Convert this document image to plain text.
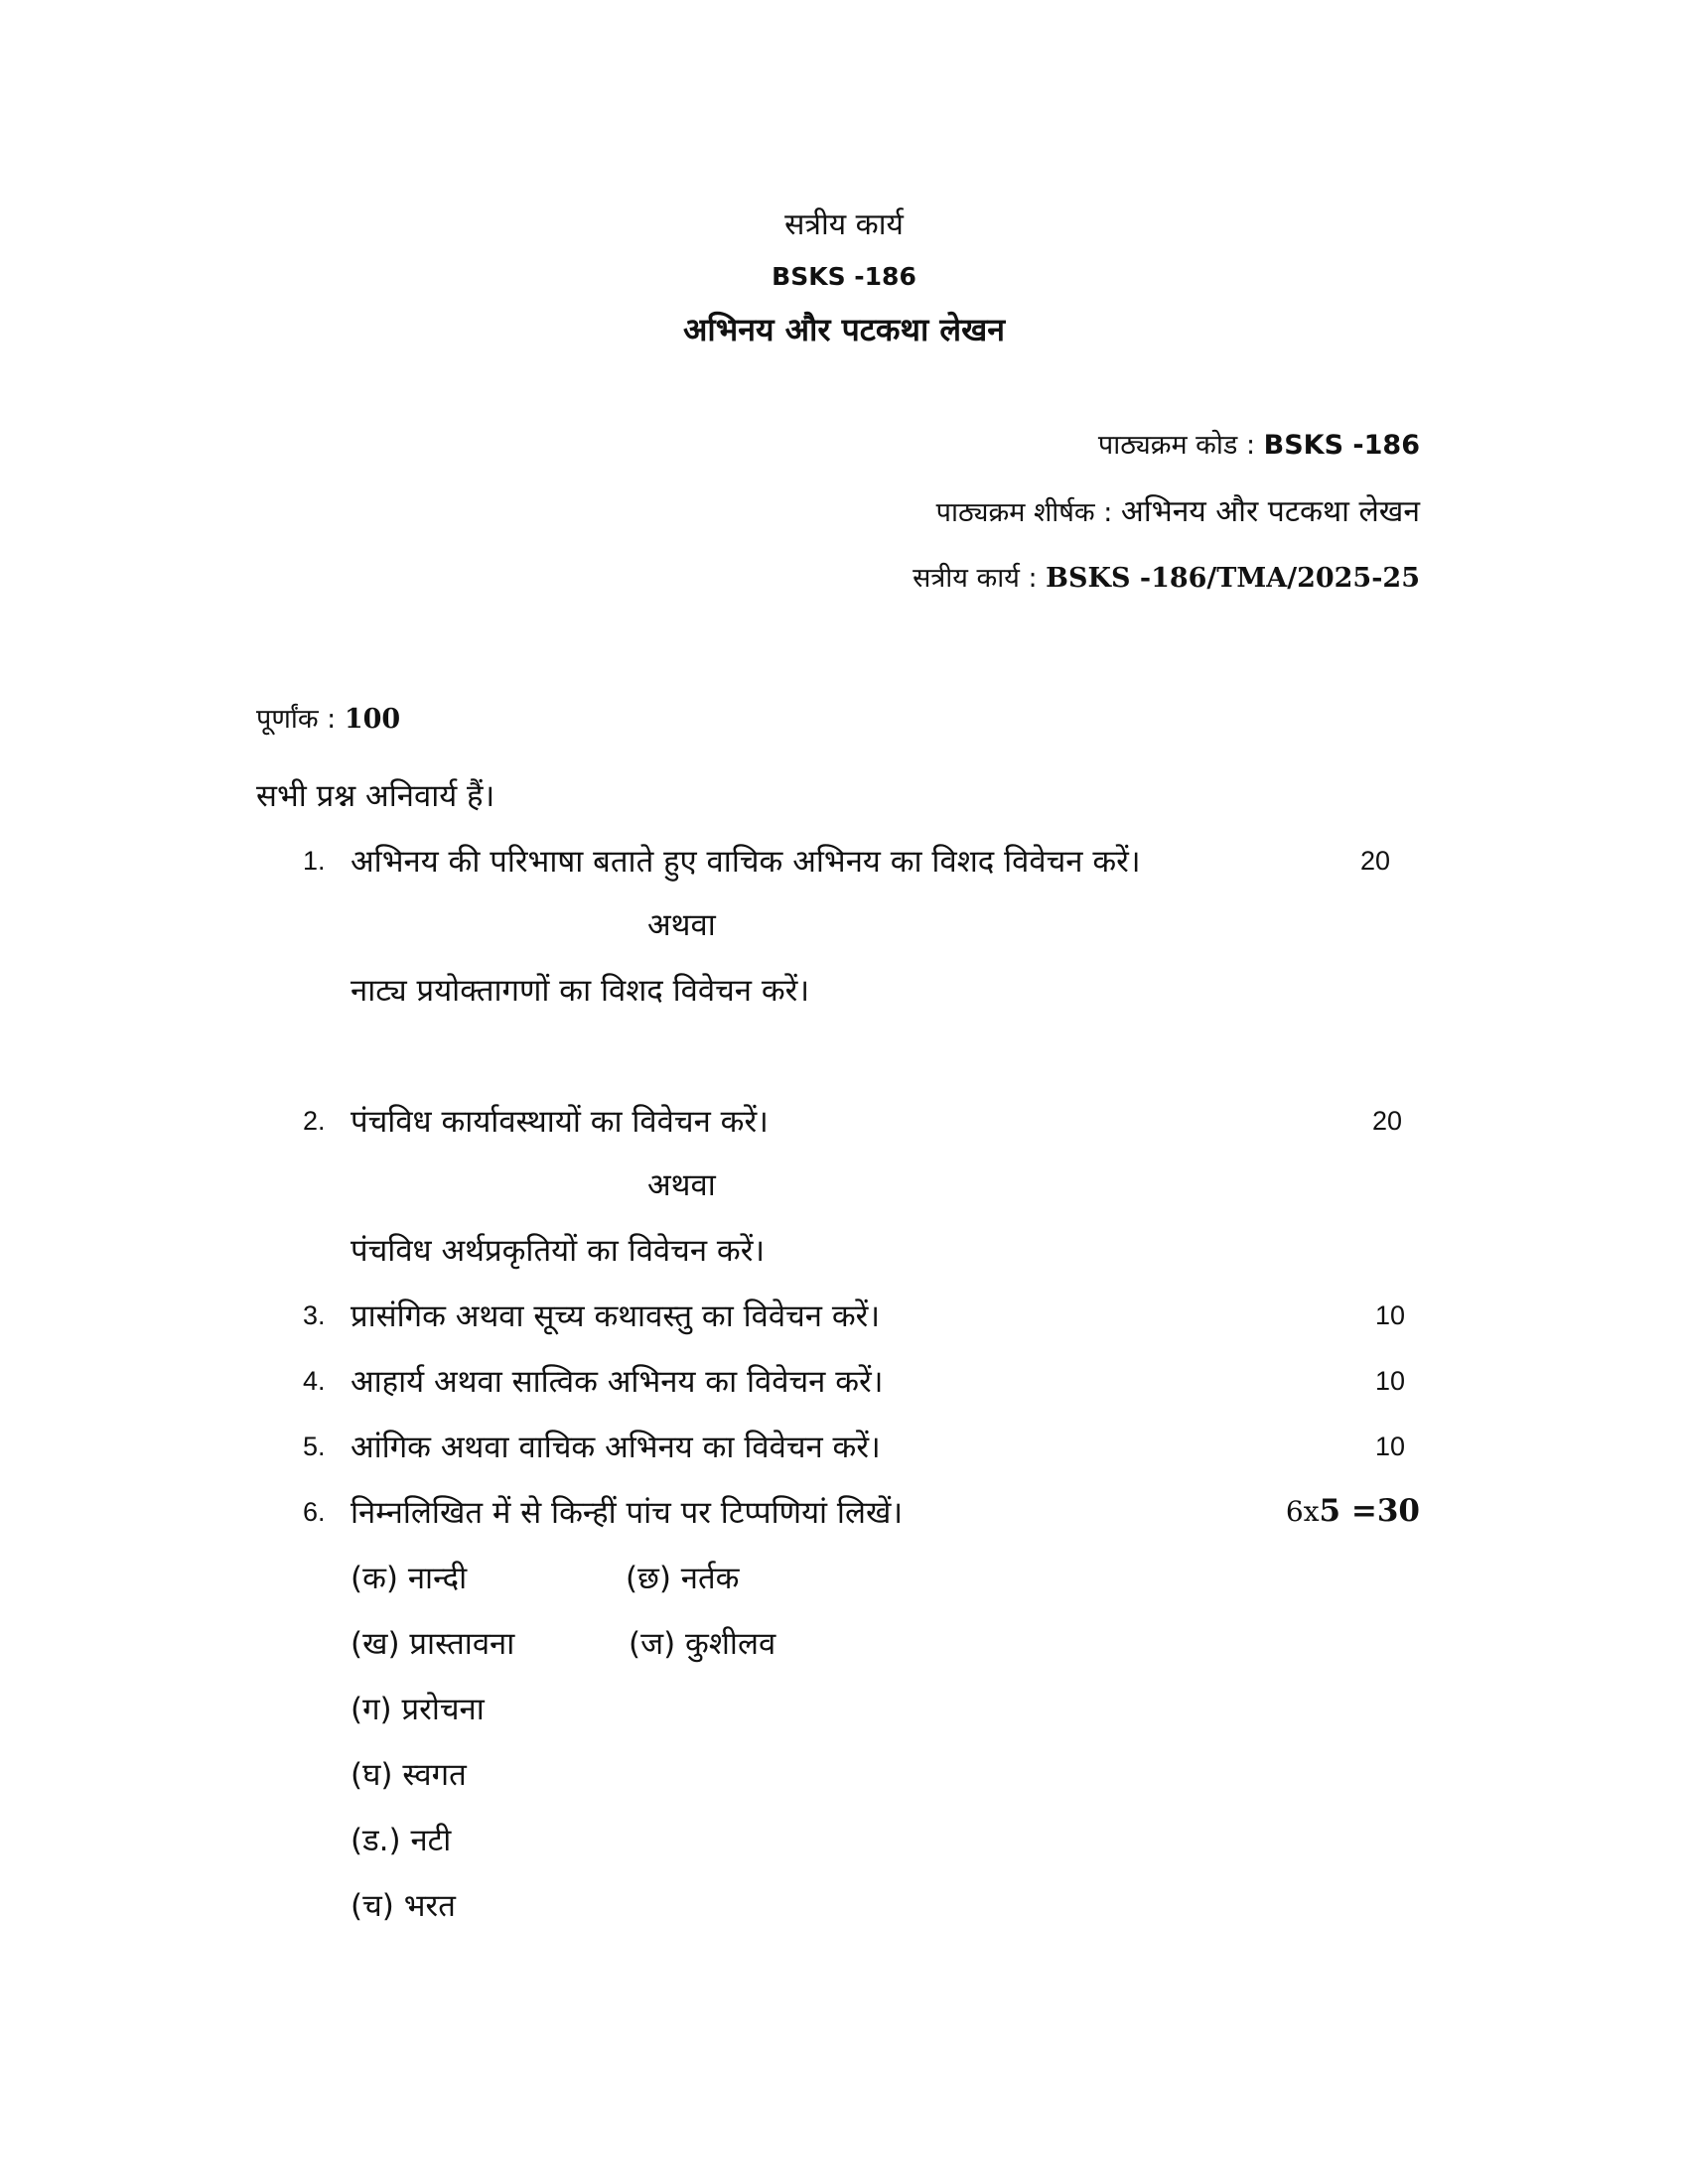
सत्रीय कार्य
BSKS -186
अभिनय और पटकथा लेखन
पाठ्यक्रम कोड : BSKS -186
पाठ्यक्रम शीर्षक : अभिनय और पटकथा लेखन
सत्रीय कार्य : BSKS -186/TMA/2025-25
पूर्णांक : 100
सभी प्रश्न अनिवार्य हैं।
1. अभिनय की परिभाषा बताते हुए वाचिक अभिनय का विशद विवेचन करें।	20
अथवा
नाट्य प्रयोक्तागणों का विशद विवेचन करें।
2. पंचविध कार्यावस्थायों का विवेचन करें।	20
अथवा
पंचविध अर्थप्रकृतियों का विवेचन करें।
3. प्रासंगिक अथवा सूच्य कथावस्तु का विवेचन करें।	10
4. आहार्य अथवा सात्विक अभिनय का विवेचन करें।	10
5. आंगिक अथवा वाचिक अभिनय का विवेचन करें।	10
6. निम्नलिखित में से किन्हीं पांच पर टिप्पणियां लिखें।	6x5 =30
(क) नान्दी
(ख) प्रास्तावना
(ग) प्ररोचना
(घ) स्वगत
(ड.) नटी
(च) भरत
(छ) नर्तक
(ज) कुशीलव
